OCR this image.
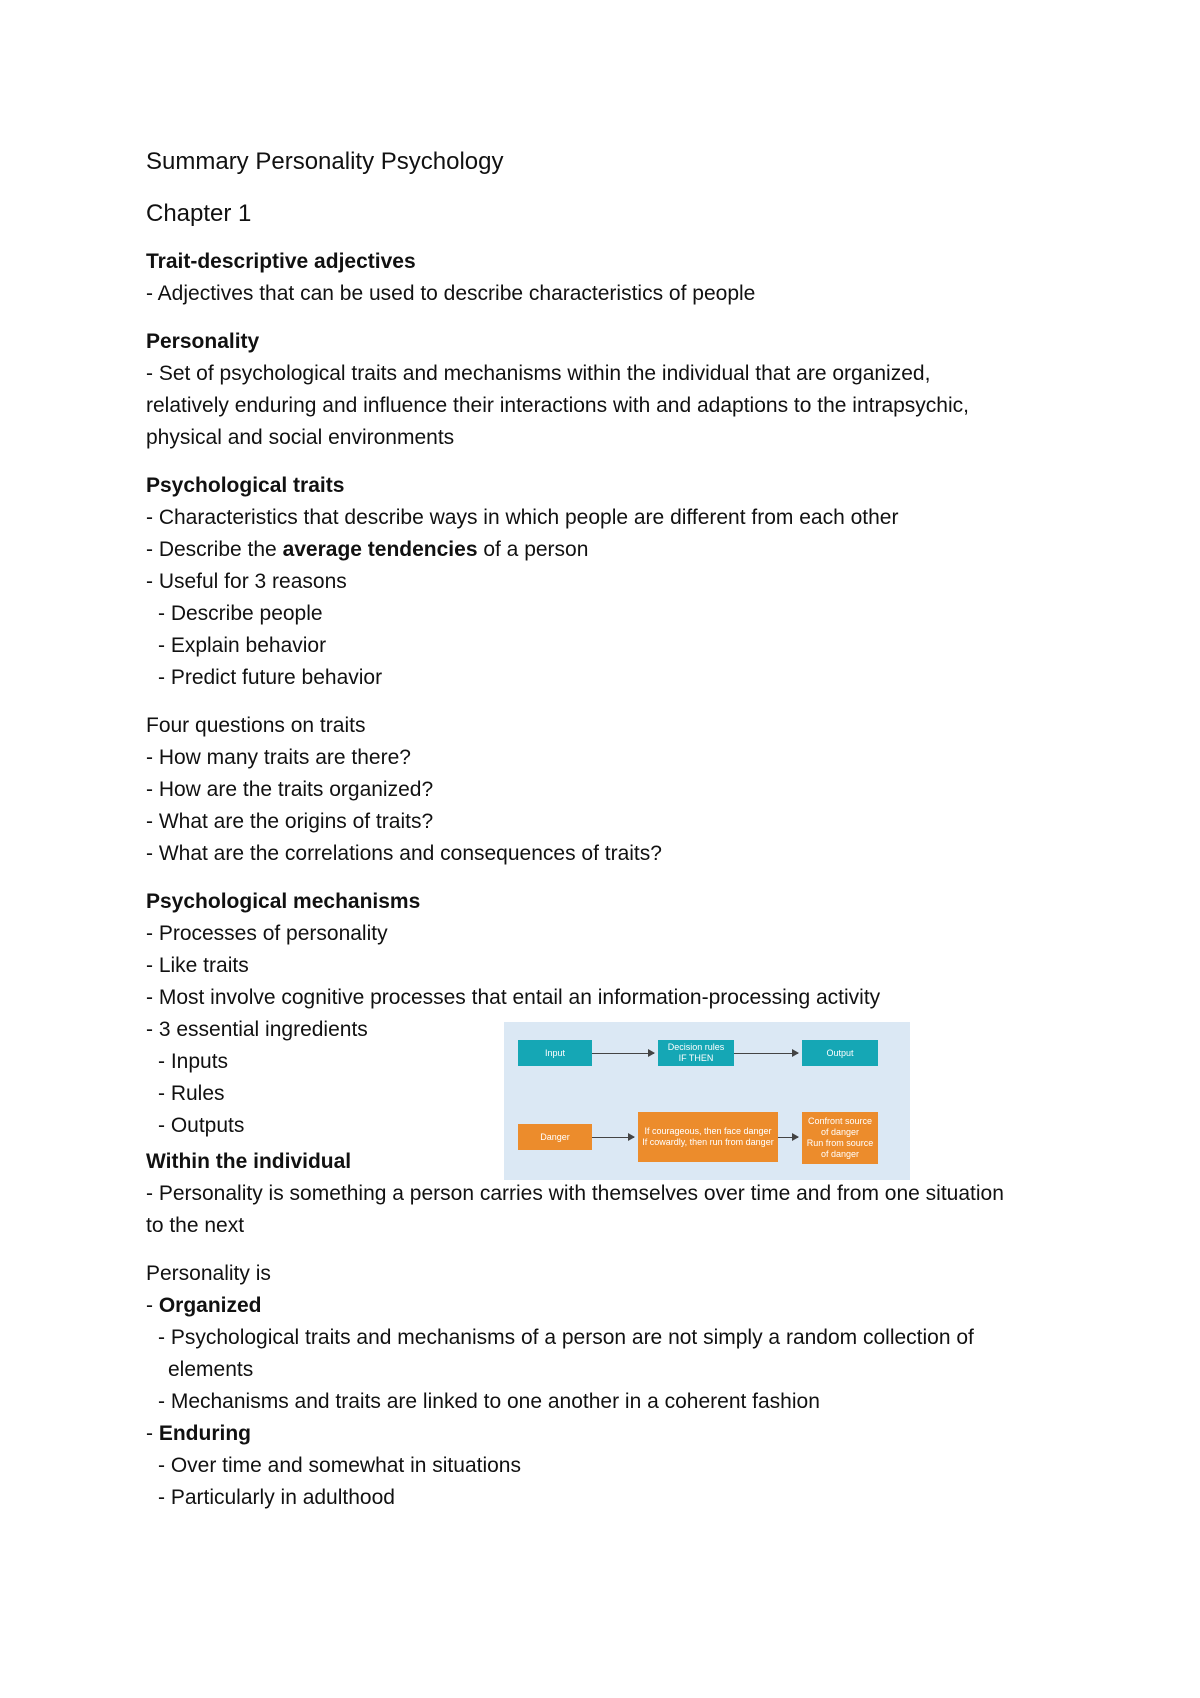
Summary Personality Psychology
Chapter 1
Trait-descriptive adjectives
- Adjectives that can be used to describe characteristics of people
Personality
- Set of psychological traits and mechanisms within the individual that are organized,
relatively enduring and influence their interactions with and adaptions to the intrapsychic,
physical and social environments
Psychological traits
- Characteristics that describe ways in which people are different from each other
- Describe the average tendencies of a person
- Useful for 3 reasons
- Describe people
- Explain behavior
- Predict future behavior
Four questions on traits
- How many traits are there?
- How are the traits organized?
- What are the origins of traits?
- What are the correlations and consequences of traits?
Psychological mechanisms
- Processes of personality
- Like traits
- Most involve cognitive processes that entail an information-processing activity
- 3 essential ingredients
- Inputs
- Rules
- Outputs
Within the individual
- Personality is something a person carries with themselves over time and from one situation
to the next
Personality is
- Organized
- Psychological traits and mechanisms of a person are not simply a random collection of
elements
- Mechanisms and traits are linked to one another in a coherent fashion
- Enduring
- Over time and somewhat in situations
- Particularly in adulthood
Input
Decision rules
IF THEN
Output
Danger
If courageous, then face danger
If cowardly, then run from danger
Confront source
of danger
Run from source
of danger
